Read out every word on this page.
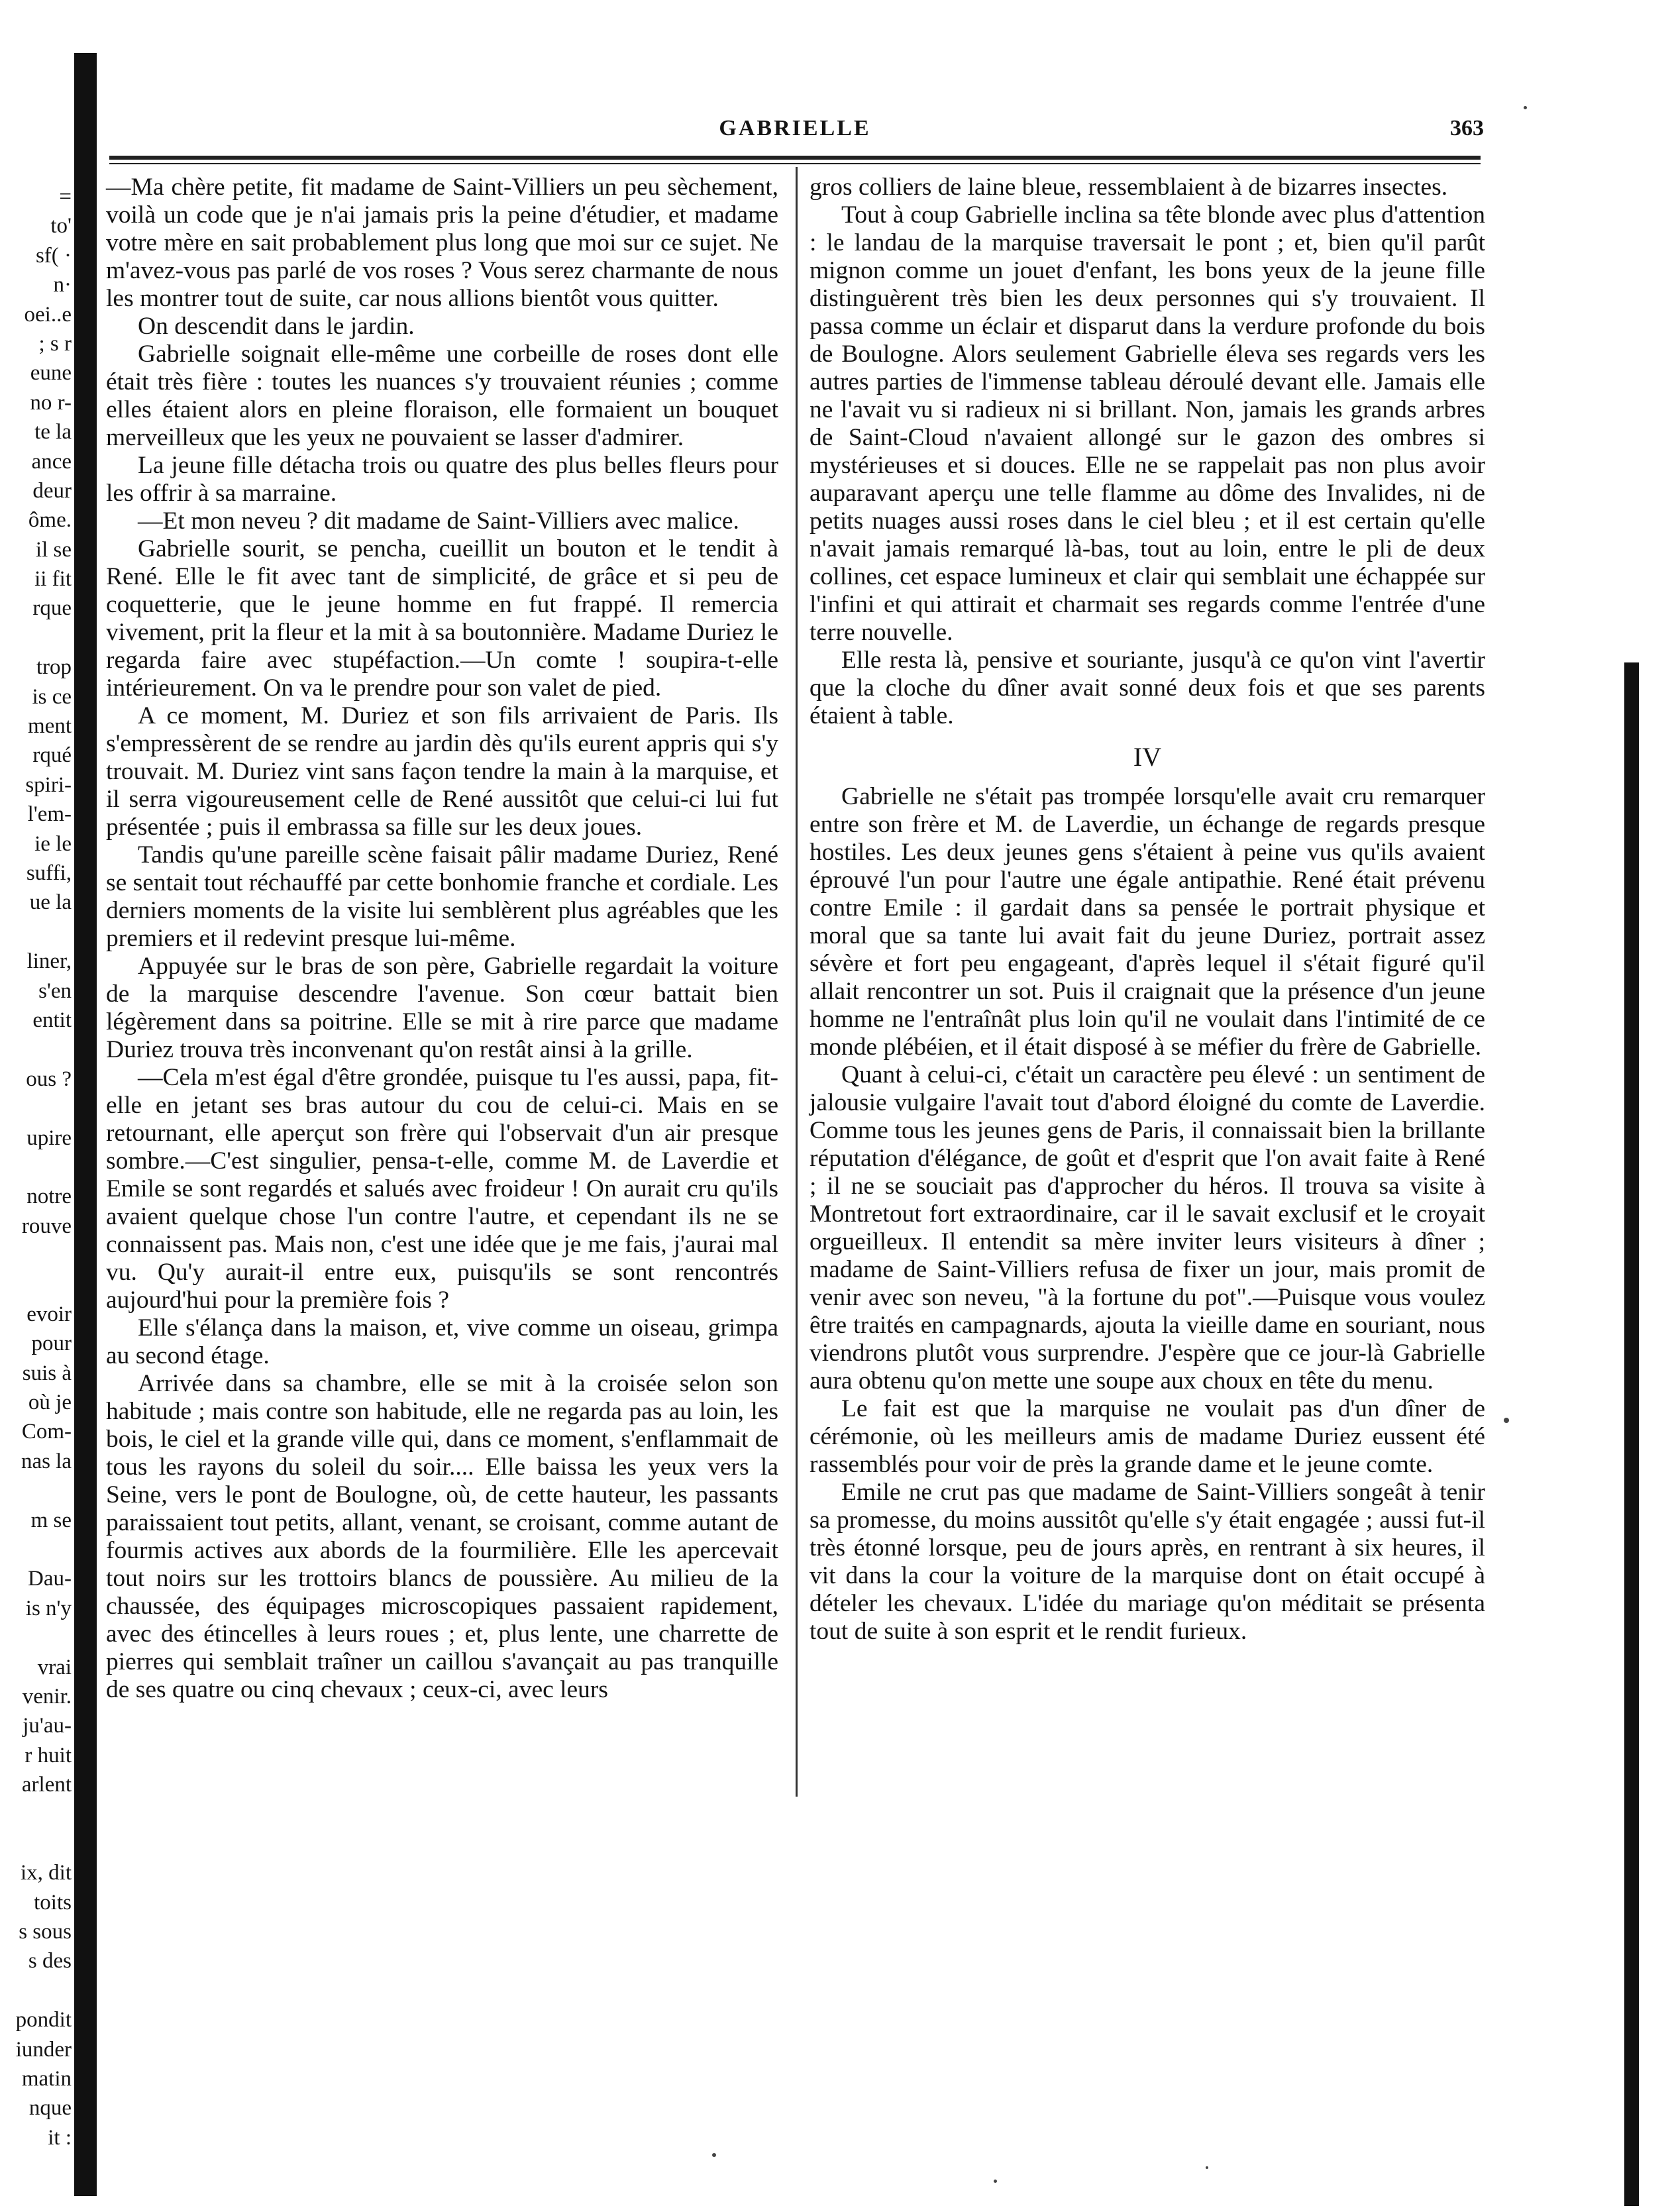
=
to'
sf( ·
n·
oei..e
; s r
eune
no r-
te la
ance
deur
ôme.
il se
ii fit
rque
trop
is ce
ment
rqué
spiri-
l'em-
ie le
suffi,
ue la
liner,
s'en
entit
ous ?
upire
notre
rouve
evoir
pour
suis à
où je
Com-
nas la
m se
Dau-
is n'y
vrai
venir.
ju'au-
r huit
arlent
ix, dit
toits
s sous
s des
pondit
iunder
matin
nque
it :
GABRIELLE	363

—Ma chère petite, fit madame de Saint-Villiers un peu sèchement, voilà un code que je n'ai jamais pris la peine d'étudier, et madame votre mère en sait probablement plus long que moi sur ce sujet. Ne m'avez-vous pas parlé de vos roses ? Vous serez charmante de nous les montrer tout de suite, car nous allions bientôt vous quitter.

On descendit dans le jardin.

Gabrielle soignait elle-même une corbeille de roses dont elle était très fière : toutes les nuances s'y trouvaient réunies ; comme elles étaient alors en pleine floraison, elle formaient un bouquet merveilleux que les yeux ne pouvaient se lasser d'admirer.

La jeune fille détacha trois ou quatre des plus belles fleurs pour les offrir à sa marraine.

—Et mon neveu ? dit madame de Saint-Villiers avec malice.

Gabrielle sourit, se pencha, cueillit un bouton et le tendit à René. Elle le fit avec tant de simplicité, de grâce et si peu de coquetterie, que le jeune homme en fut frappé. Il remercia vivement, prit la fleur et la mit à sa boutonnière. Madame Duriez le regarda faire avec stupéfaction.—Un comte ! soupira-t-elle intérieurement. On va le prendre pour son valet de pied.

A ce moment, M. Duriez et son fils arrivaient de Paris. Ils s'empressèrent de se rendre au jardin dès qu'ils eurent appris qui s'y trouvait. M. Duriez vint sans façon tendre la main à la marquise, et il serra vigoureusement celle de René aussitôt que celui-ci lui fut présentée ; puis il embrassa sa fille sur les deux joues.

Tandis qu'une pareille scène faisait pâlir madame Duriez, René se sentait tout réchauffé par cette bonhomie franche et cordiale. Les derniers moments de la visite lui semblèrent plus agréables que les premiers et il redevint presque lui-même.

Appuyée sur le bras de son père, Gabrielle regardait la voiture de la marquise descendre l'avenue. Son cœur battait bien légèrement dans sa poitrine. Elle se mit à rire parce que madame Duriez trouva très inconvenant qu'on restât ainsi à la grille.

—Cela m'est égal d'être grondée, puisque tu l'es aussi, papa, fit-elle en jetant ses bras autour du cou de celui-ci. Mais en se retournant, elle aperçut son frère qui l'observait d'un air presque sombre.—C'est singulier, pensa-t-elle, comme M. de Laverdie et Emile se sont regardés et salués avec froideur ! On aurait cru qu'ils avaient quelque chose l'un contre l'autre, et cependant ils ne se connaissent pas. Mais non, c'est une idée que je me fais, j'aurai mal vu. Qu'y aurait-il entre eux, puisqu'ils se sont rencontrés aujourd'hui pour la première fois ?

Elle s'élança dans la maison, et, vive comme un oiseau, grimpa au second étage.

Arrivée dans sa chambre, elle se mit à la croisée selon son habitude ; mais contre son habitude, elle ne regarda pas au loin, les bois, le ciel et la grande ville qui, dans ce moment, s'enflammait de tous les rayons du soleil du soir.... Elle baissa les yeux vers la Seine, vers le pont de Boulogne, où, de cette hauteur, les passants paraissaient tout petits, allant, venant, se croisant, comme autant de fourmis actives aux abords de la fourmilière. Elle les apercevait tout noirs sur les trottoirs blancs de poussière. Au milieu de la chaussée, des équipages microscopiques passaient rapidement, avec des étincelles à leurs roues ; et, plus lente, une charrette de pierres qui semblait traîner un caillou s'avançait au pas tranquille de ses quatre ou cinq chevaux ; ceux-ci, avec leurs

gros colliers de laine bleue, ressemblaient à de bizarres insectes.

Tout à coup Gabrielle inclina sa tête blonde avec plus d'attention : le landau de la marquise traversait le pont ; et, bien qu'il parût mignon comme un jouet d'enfant, les bons yeux de la jeune fille distinguèrent très bien les deux personnes qui s'y trouvaient. Il passa comme un éclair et disparut dans la verdure profonde du bois de Boulogne. Alors seulement Gabrielle éleva ses regards vers les autres parties de l'immense tableau déroulé devant elle. Jamais elle ne l'avait vu si radieux ni si brillant. Non, jamais les grands arbres de Saint-Cloud n'avaient allongé sur le gazon des ombres si mystérieuses et si douces. Elle ne se rappelait pas non plus avoir auparavant aperçu une telle flamme au dôme des Invalides, ni de petits nuages aussi roses dans le ciel bleu ; et il est certain qu'elle n'avait jamais remarqué là-bas, tout au loin, entre le pli de deux collines, cet espace lumineux et clair qui semblait une échappée sur l'infini et qui attirait et charmait ses regards comme l'entrée d'une terre nouvelle.

Elle resta là, pensive et souriante, jusqu'à ce qu'on vint l'avertir que la cloche du dîner avait sonné deux fois et que ses parents étaient à table.

IV

Gabrielle ne s'était pas trompée lorsqu'elle avait cru remarquer entre son frère et M. de Laverdie, un échange de regards presque hostiles. Les deux jeunes gens s'étaient à peine vus qu'ils avaient éprouvé l'un pour l'autre une égale antipathie. René était prévenu contre Emile : il gardait dans sa pensée le portrait physique et moral que sa tante lui avait fait du jeune Duriez, portrait assez sévère et fort peu engageant, d'après lequel il s'était figuré qu'il allait rencontrer un sot. Puis il craignait que la présence d'un jeune homme ne l'entraînât plus loin qu'il ne voulait dans l'intimité de ce monde plébéien, et il était disposé à se méfier du frère de Gabrielle.

Quant à celui-ci, c'était un caractère peu élevé : un sentiment de jalousie vulgaire l'avait tout d'abord éloigné du comte de Laverdie. Comme tous les jeunes gens de Paris, il connaissait bien la brillante réputation d'élégance, de goût et d'esprit que l'on avait faite à René ; il ne se souciait pas d'approcher du héros. Il trouva sa visite à Montretout fort extraordinaire, car il le savait exclusif et le croyait orgueilleux. Il entendit sa mère inviter leurs visiteurs à dîner ; madame de Saint-Villiers refusa de fixer un jour, mais promit de venir avec son neveu, "à la fortune du pot".—Puisque vous voulez être traités en campagnards, ajouta la vieille dame en souriant, nous viendrons plutôt vous surprendre. J'espère que ce jour-là Gabrielle aura obtenu qu'on mette une soupe aux choux en tête du menu.

Le fait est que la marquise ne voulait pas d'un dîner de cérémonie, où les meilleurs amis de madame Duriez eussent été rassemblés pour voir de près la grande dame et le jeune comte.

Emile ne crut pas que madame de Saint-Villiers songeât à tenir sa promesse, du moins aussitôt qu'elle s'y était engagée ; aussi fut-il très étonné lorsque, peu de jours après, en rentrant à six heures, il vit dans la cour la voiture de la marquise dont on était occupé à dételer les chevaux. L'idée du mariage qu'on méditait se présenta tout de suite à son esprit et le rendit furieux.
